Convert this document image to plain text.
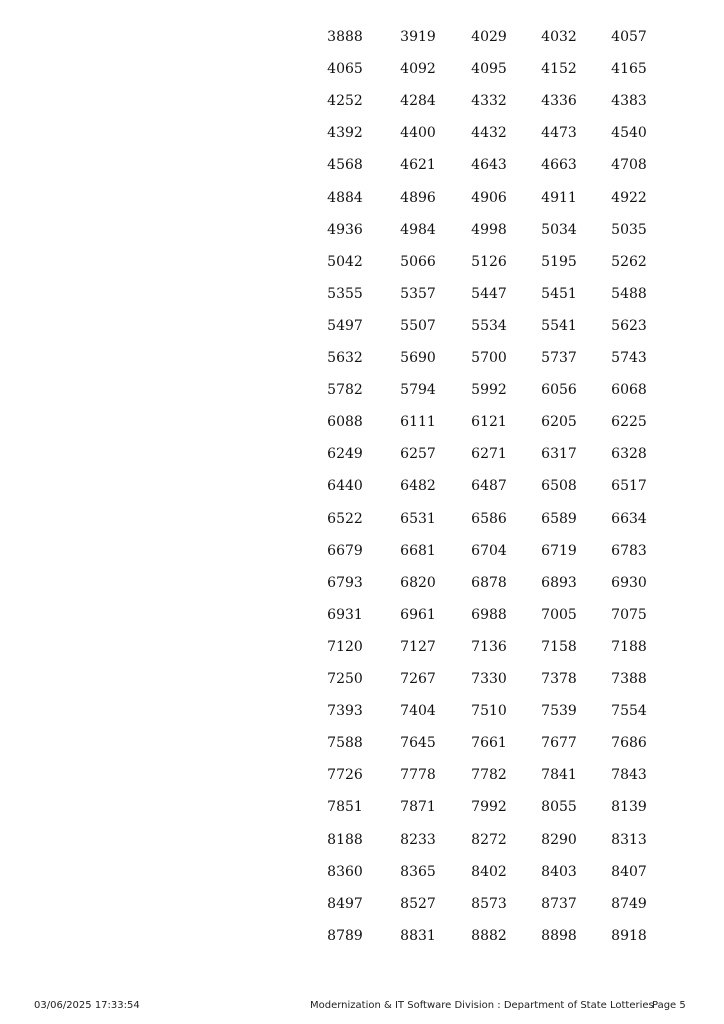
3888	3919	4029	4032	4057
4065	4092	4095	4152	4165
4252	4284	4332	4336	4383
4392	4400	4432	4473	4540
4568	4621	4643	4663	4708
4884	4896	4906	4911	4922
4936	4984	4998	5034	5035
5042	5066	5126	5195	5262
5355	5357	5447	5451	5488
5497	5507	5534	5541	5623
5632	5690	5700	5737	5743
5782	5794	5992	6056	6068
6088	6111	6121	6205	6225
6249	6257	6271	6317	6328
6440	6482	6487	6508	6517
6522	6531	6586	6589	6634
6679	6681	6704	6719	6783
6793	6820	6878	6893	6930
6931	6961	6988	7005	7075
7120	7127	7136	7158	7188
7250	7267	7330	7378	7388
7393	7404	7510	7539	7554
7588	7645	7661	7677	7686
7726	7778	7782	7841	7843
7851	7871	7992	8055	8139
8188	8233	8272	8290	8313
8360	8365	8402	8403	8407
8497	8527	8573	8737	8749
8789	8831	8882	8898	8918
03/06/2025 17:33:54	Modernization & IT Software Division : Department of State Lotteries
Page 5
